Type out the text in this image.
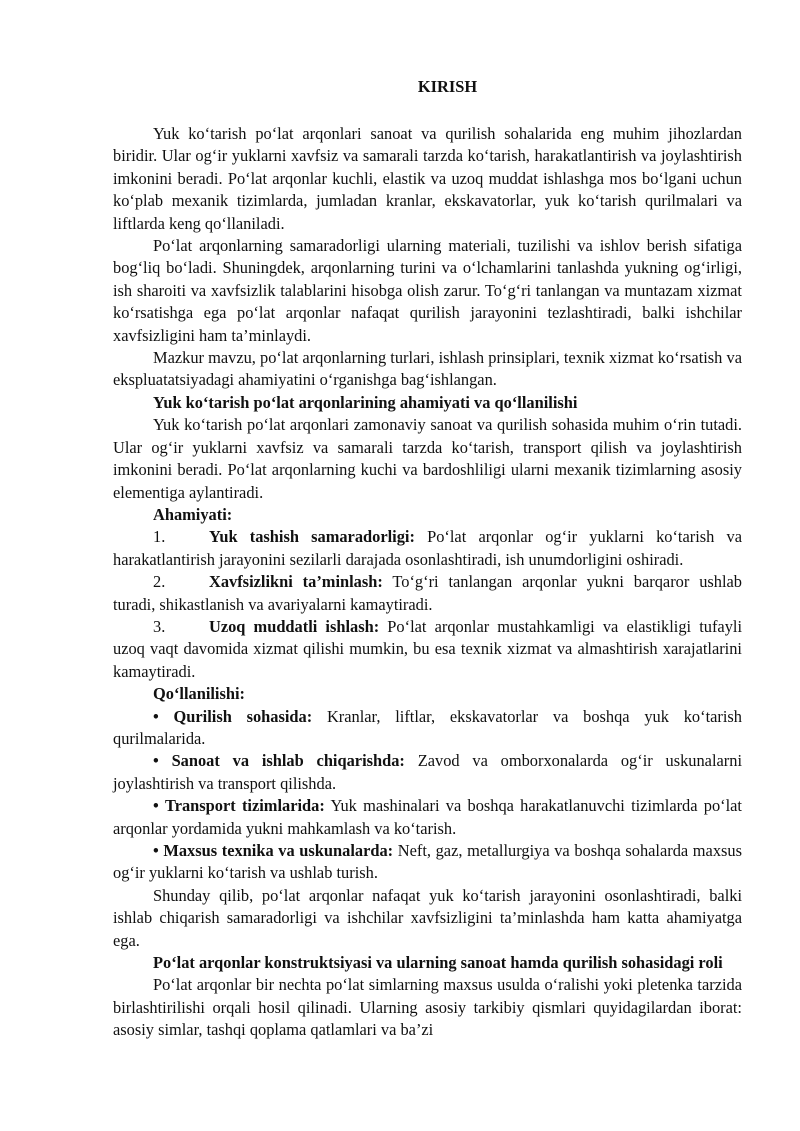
KIRISH

Yuk ko‘tarish po‘lat arqonlari sanoat va qurilish sohalarida eng muhim jihozlardan biridir. Ular og‘ir yuklarni xavfsiz va samarali tarzda ko‘tarish, harakatlantirish va joylashtirish imkonini beradi. Po‘lat arqonlar kuchli, elastik va uzoq muddat ishlashga mos bo‘lgani uchun ko‘plab mexanik tizimlarda, jumladan kranlar, ekskavatorlar, yuk ko‘tarish qurilmalari va liftlarda keng qo‘llaniladi.

Po‘lat arqonlarning samaradorligi ularning materiali, tuzilishi va ishlov berish sifatiga bog‘liq bo‘ladi. Shuningdek, arqonlarning turini va o‘lchamlarini tanlashda yukning og‘irligi, ish sharoiti va xavfsizlik talablarini hisobga olish zarur. To‘g‘ri tanlangan va muntazam xizmat ko‘rsatishga ega po‘lat arqonlar nafaqat qurilish jarayonini tezlashtiradi, balki ishchilar xavfsizligini ham ta’minlaydi.

Mazkur mavzu, po‘lat arqonlarning turlari, ishlash prinsiplari, texnik xizmat ko‘rsatish va ekspluatatsiyadagi ahamiyatini o‘rganishga bag‘ishlangan.

Yuk ko‘tarish po‘lat arqonlarining ahamiyati va qo‘llanilishi

Yuk ko‘tarish po‘lat arqonlari zamonaviy sanoat va qurilish sohasida muhim o‘rin tutadi. Ular og‘ir yuklarni xavfsiz va samarali tarzda ko‘tarish, transport qilish va joylashtirish imkonini beradi. Po‘lat arqonlarning kuchi va bardoshliligi ularni mexanik tizimlarning asosiy elementiga aylantiradi.

Ahamiyati:

1.	Yuk tashish samaradorligi: Po‘lat arqonlar og‘ir yuklarni ko‘tarish va harakatlantirish jarayonini sezilarli darajada osonlashtiradi, ish unumdorligini oshiradi.

2.	Xavfsizlikni ta’minlash: To‘g‘ri tanlangan arqonlar yukni barqaror ushlab turadi, shikastlanish va avariyalarni kamaytiradi.

3.	Uzoq muddatli ishlash: Po‘lat arqonlar mustahkamligi va elastikligi tufayli uzoq vaqt davomida xizmat qilishi mumkin, bu esa texnik xizmat va almashtirish xarajatlarini kamaytiradi.

Qo‘llanilishi:

• Qurilish sohasida: Kranlar, liftlar, ekskavatorlar va boshqa yuk ko‘tarish qurilmalarida.

• Sanoat va ishlab chiqarishda: Zavod va omborxonalarda og‘ir uskunalarni joylashtirish va transport qilishda.

• Transport tizimlarida: Yuk mashinalari va boshqa harakatlanuvchi tizimlarda po‘lat arqonlar yordamida yukni mahkamlash va ko‘tarish.

• Maxsus texnika va uskunalarda: Neft, gaz, metallurgiya va boshqa sohalarda maxsus og‘ir yuklarni ko‘tarish va ushlab turish.

Shunday qilib, po‘lat arqonlar nafaqat yuk ko‘tarish jarayonini osonlashtiradi, balki ishlab chiqarish samaradorligi va ishchilar xavfsizligini ta’minlashda ham katta ahamiyatga ega.

Po‘lat arqonlar konstruktsiyasi va ularning sanoat hamda qurilish sohasidagi roli

Po‘lat arqonlar bir nechta po‘lat simlarning maxsus usulda o‘ralishi yoki pletenka tarzida birlashtirilishi orqali hosil qilinadi. Ularning asosiy tarkibiy qismlari quyidagilardan iborat: asosiy simlar, tashqi qoplama qatlamlari va ba’zi
